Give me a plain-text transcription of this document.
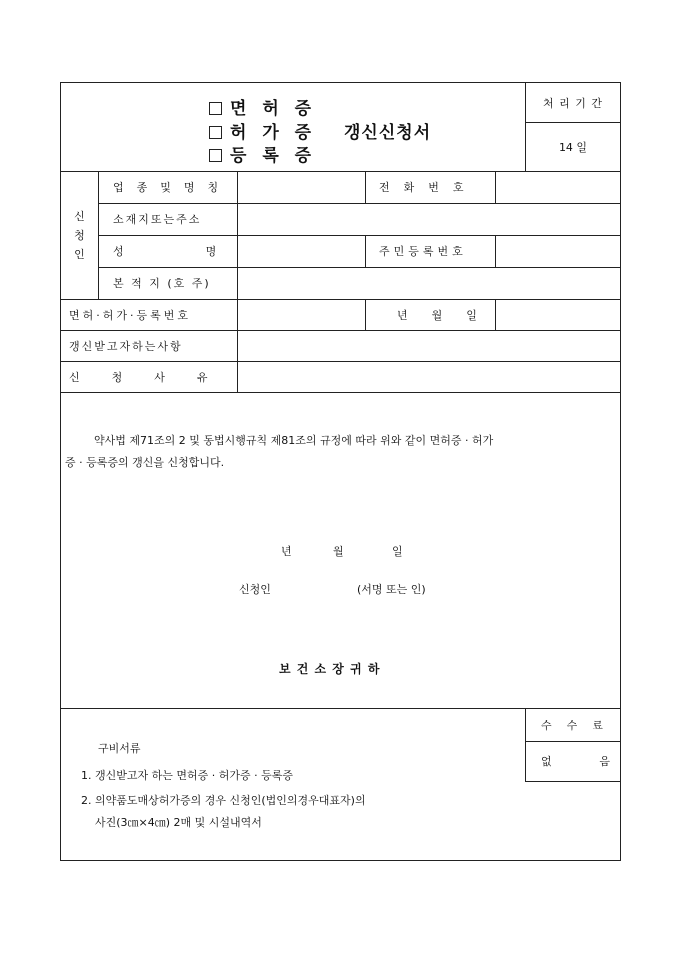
면 허 증
허 가 증
등 록 증
갱신신청서
처 리 기 간
14 일
신
청
인
업종및명칭	전화번호
소재지또는주소
성명	주민등록번호
본 적 지 (호 주)
면허·허가·등록번호	년월일
갱신받고자하는사항
신청사유
약사법 제71조의 2 및 동법시행규칙 제81조의 규정에 따라 위와 같이 면허증 · 허가
증 · 등록증의 갱신을 신청합니다.
년	월	일
신청인	(서명 또는 인)
보 건 소 장 귀 하
수수료
없	음
구비서류
1. 갱신받고자 하는 면허증 · 허가증 · 등록증
2. 의약품도매상허가증의 경우 신청인(법인의경우대표자)의
사진(3㎝×4㎝) 2매 및 시설내역서
